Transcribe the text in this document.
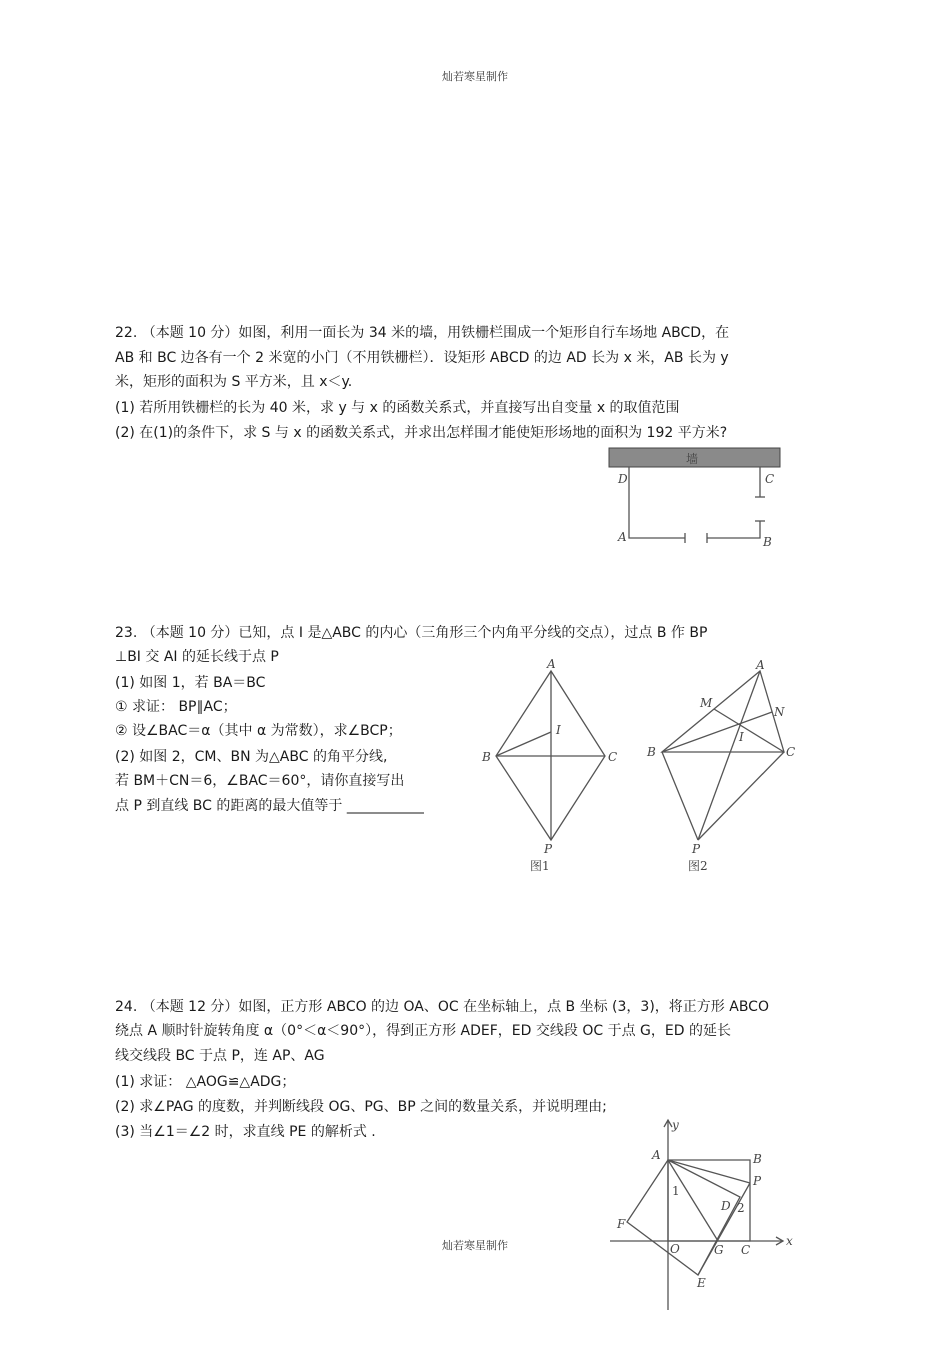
灿若寒星制作
22. （本题 10 分）如图，利用一面长为 34 米的墙，用铁栅栏围成一个矩形自行车场地 ABCD，在
AB 和 BC 边各有一个 2 米宽的小门（不用铁栅栏）．设矩形 ABCD 的边 AD 长为 x 米，AB 长为 y
米，矩形的面积为 S 平方米，且 x＜y.
(1) 若所用铁栅栏的长为 40 米，求 y 与 x 的函数关系式，并直接写出自变量 x 的取值范围
(2) 在(1)的条件下，求 S 与 x 的函数关系式，并求出怎样围才能使矩形场地的面积为 192 平方米?
墙
D	C
A	B
23. （本题 10 分）已知，点 I 是△ABC 的内心（三角形三个内角平分线的交点），过点 B 作 BP
⊥BI 交 AI 的延长线于点 P
(1) 如图 1，若 BA＝BC
① 求证： BP∥AC；
② 设∠BAC＝α（其中 α 为常数），求∠BCP；
(2) 如图 2，CM、BN 为△ABC 的角平分线,
若 BM＋CN＝6，∠BAC＝60°，请你直接写出
点 P 到直线 BC 的距离的最大值等于 ___________
A
B	C
I
P
图1
A
B	C
I
P
M
N
图2
24. （本题 12 分）如图，正方形 ABCO 的边 OA、OC 在坐标轴上，点 B 坐标 (3，3)，将正方形 ABCO
绕点 A 顺时针旋转角度 α（0°＜α＜90°），得到正方形 ADEF，ED 交线段 OC 于点 G，ED 的延长
线交线段 BC 于点 P，连 AP、AG
(1) 求证： △AOG≌△ADG；
(2) 求∠PAG 的度数，并判断线段 OG、PG、BP 之间的数量关系，并说明理由;
(3) 当∠1＝∠2 时，求直线 PE 的解析式 .	y
x
A	B
P
D
F
O	G C
E
1
2
灿若寒星制作
